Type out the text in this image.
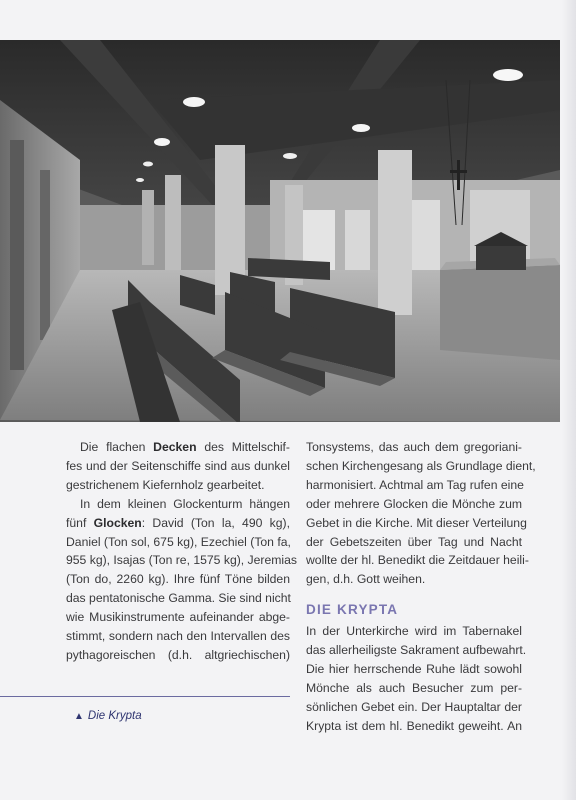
Die flachen Decken des Mittelschif-
fes und der Seitenschiffe sind aus dunkel
gestrichenem Kiefernholz gearbeitet.
In dem kleinen Glockenturm hängen
fünf Glocken: David (Ton la, 490 kg),
Daniel (Ton sol, 675 kg), Ezechiel (Ton fa,
955 kg), Isajas (Ton re, 1575 kg), Jeremias
(Ton do, 2260 kg). Ihre fünf Töne bilden
das pentatonische Gamma. Sie sind nicht
wie Musikinstrumente aufeinander abge-
stimmt, sondern nach den Intervallen des
pythagoreischen (d.h. altgriechischen)

Tonsystems, das auch dem gregoriani-
schen Kirchengesang als Grundlage dient,
harmonisiert. Achtmal am Tag rufen eine
oder mehrere Glocken die Mönche zum
Gebet in die Kirche. Mit dieser Verteilung
der Gebetszeiten über Tag und Nacht
wollte der hl. Benedikt die Zeitdauer heili-
gen, d.h. Gott weihen.

DIE KRYPTA

In der Unterkirche wird im Tabernakel
das allerheiligste Sakrament aufbewahrt.
Die hier herrschende Ruhe lädt sowohl
Mönche als auch Besucher zum per-
sönlichen Gebet ein. Der Hauptaltar der
Krypta ist dem hl. Benedikt geweiht. An

▲ Die Krypta
